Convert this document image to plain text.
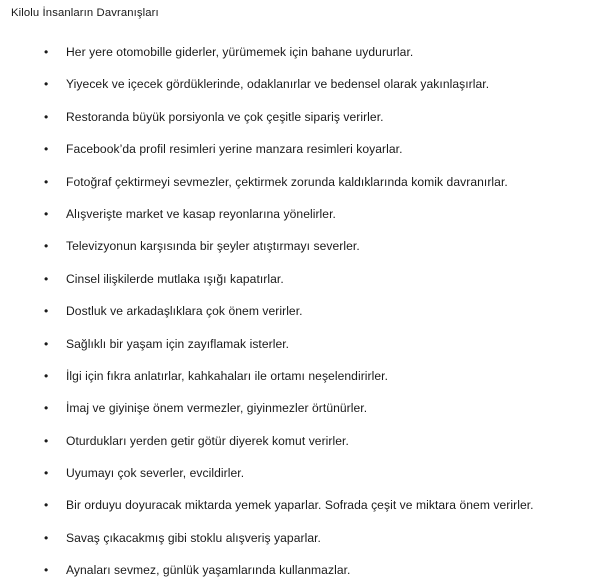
Kilolu İnsanların Davranışları
•	Her yere otomobille giderler, yürümemek için bahane uydururlar.
•	Yiyecek ve içecek gördüklerinde, odaklanırlar ve bedensel olarak yakınlaşırlar.
•	Restoranda büyük porsiyonla ve çok çeşitle sipariş verirler.
•	Facebook’da profil resimleri yerine manzara resimleri koyarlar.
•	Fotoğraf çektirmeyi sevmezler, çektirmek zorunda kaldıklarında komik davranırlar.
•	Alışverişte market ve kasap reyonlarına yönelirler.
•	Televizyonun karşısında bir şeyler atıştırmayı severler.
•	Cinsel ilişkilerde mutlaka ışığı kapatırlar.
•	Dostluk ve arkadaşlıklara çok önem verirler.
•	Sağlıklı bir yaşam için zayıflamak isterler.
•	İlgi için fıkra anlatırlar, kahkahaları ile ortamı neşelendirirler.
•	İmaj ve giyinişe önem vermezler, giyinmezler örtünürler.
•	Oturdukları yerden getir götür diyerek komut verirler.
•	Uyumayı çok severler, evcildirler.
•	Bir orduyu doyuracak miktarda yemek yaparlar. Sofrada çeşit ve miktara önem verirler.
•	Savaş çıkacakmış gibi stoklu alışveriş yaparlar.
•	Aynaları sevmez, günlük yaşamlarında kullanmazlar.
